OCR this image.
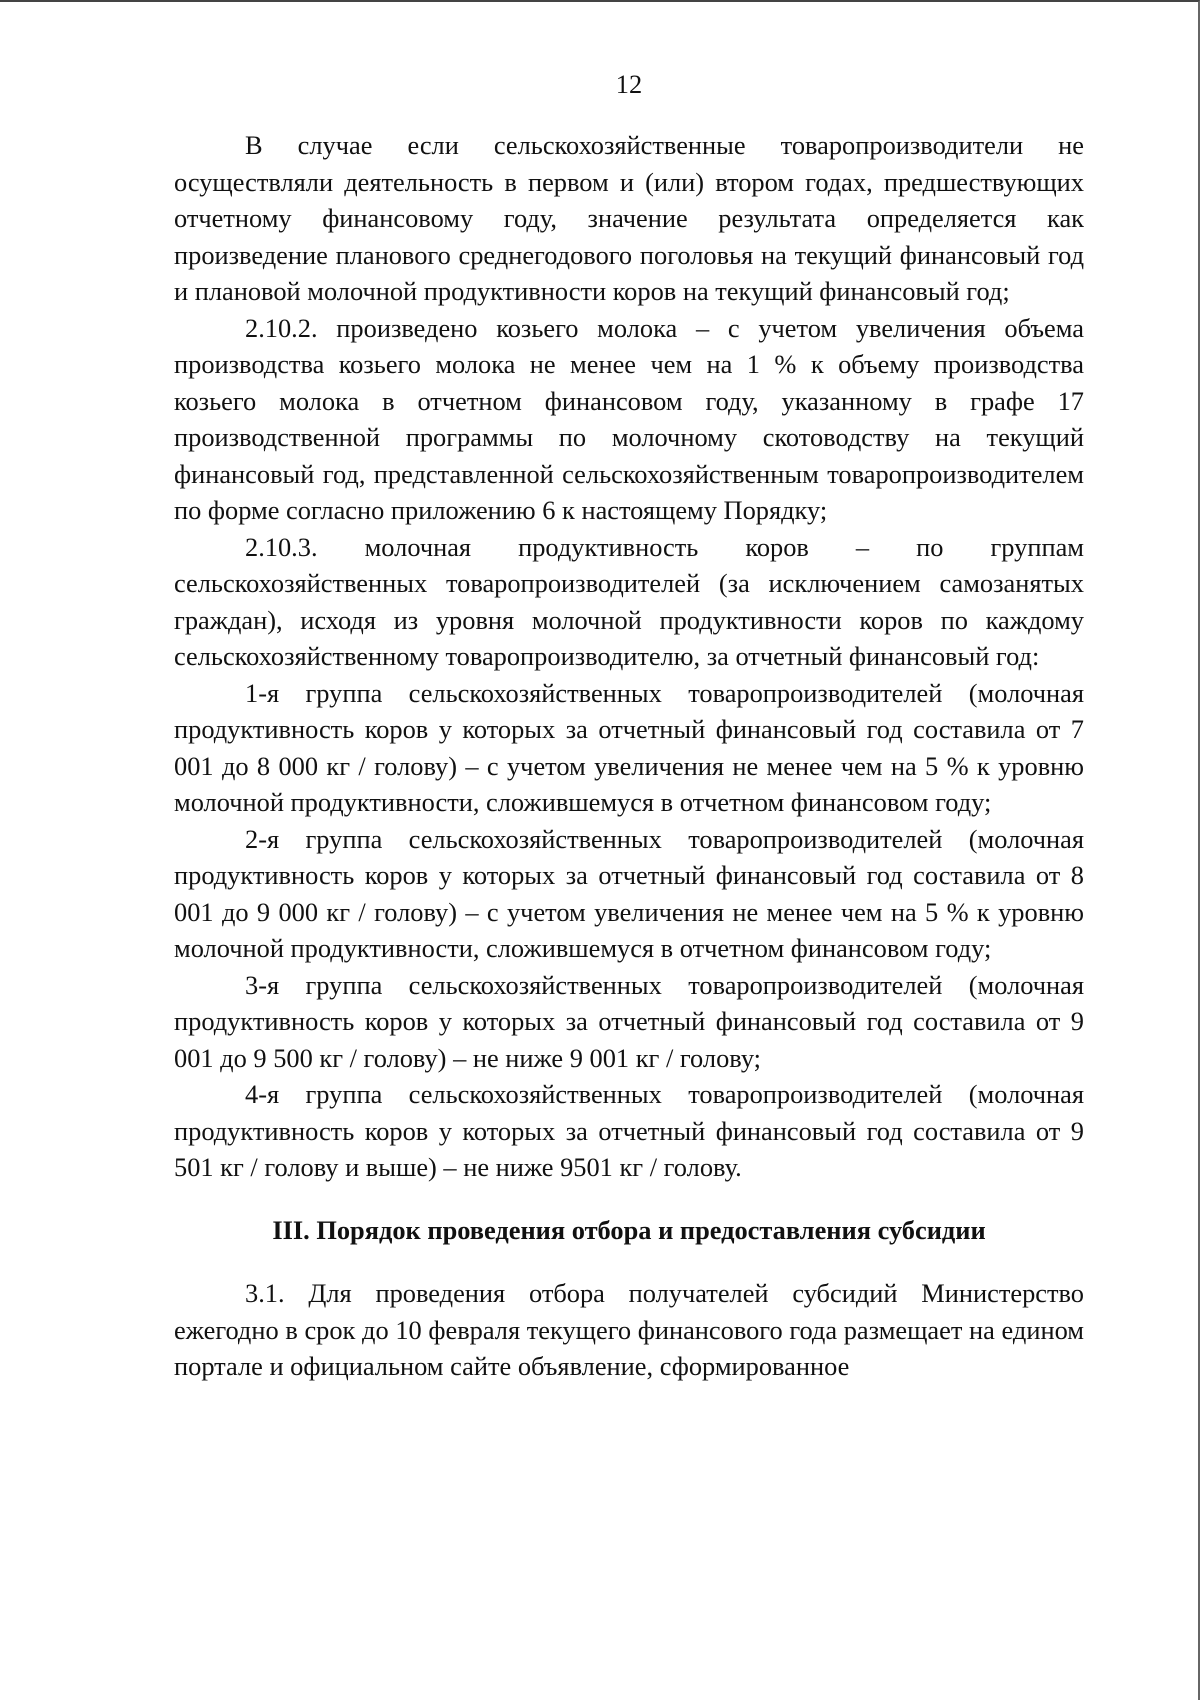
12

В случае если сельскохозяйственные товаропроизводители не осуществляли деятельность в первом и (или) втором годах, предшествующих отчетному финансовому году, значение результата определяется как произведение планового среднегодового поголовья на текущий финансовый год и плановой молочной продуктивности коров на текущий финансовый год;

2.10.2. произведено козьего молока – с учетом увеличения объема производства козьего молока не менее чем на 1 % к объему производства козьего молока в отчетном финансовом году, указанному в графе 17 производственной программы по молочному скотоводству на текущий финансовый год, представленной сельскохозяйственным товаропроизводителем по форме согласно приложению 6 к настоящему Порядку;

2.10.3. молочная продуктивность коров – по группам сельскохозяйственных товаропроизводителей (за исключением самозанятых граждан), исходя из уровня молочной продуктивности коров по каждому сельскохозяйственному товаропроизводителю, за отчетный финансовый год:

1-я группа сельскохозяйственных товаропроизводителей (молочная продуктивность коров у которых за отчетный финансовый год составила от 7 001 до 8 000 кг / голову) – с учетом увеличения не менее чем на 5 % к уровню молочной продуктивности, сложившемуся в отчетном финансовом году;

2-я группа сельскохозяйственных товаропроизводителей (молочная продуктивность коров у которых за отчетный финансовый год составила от 8 001 до 9 000 кг / голову) – с учетом увеличения не менее чем на 5 % к уровню молочной продуктивности, сложившемуся в отчетном финансовом году;

3-я группа сельскохозяйственных товаропроизводителей (молочная продуктивность коров у которых за отчетный финансовый год составила от 9 001 до 9 500 кг / голову) – не ниже 9 001 кг / голову;

4-я группа сельскохозяйственных товаропроизводителей (молочная продуктивность коров у которых за отчетный финансовый год составила от 9 501 кг / голову и выше) – не ниже 9501 кг / голову.

III. Порядок проведения отбора и предоставления субсидии

3.1. Для проведения отбора получателей субсидий Министерство ежегодно в срок до 10 февраля текущего финансового года размещает на едином портале и официальном сайте объявление, сформированное
